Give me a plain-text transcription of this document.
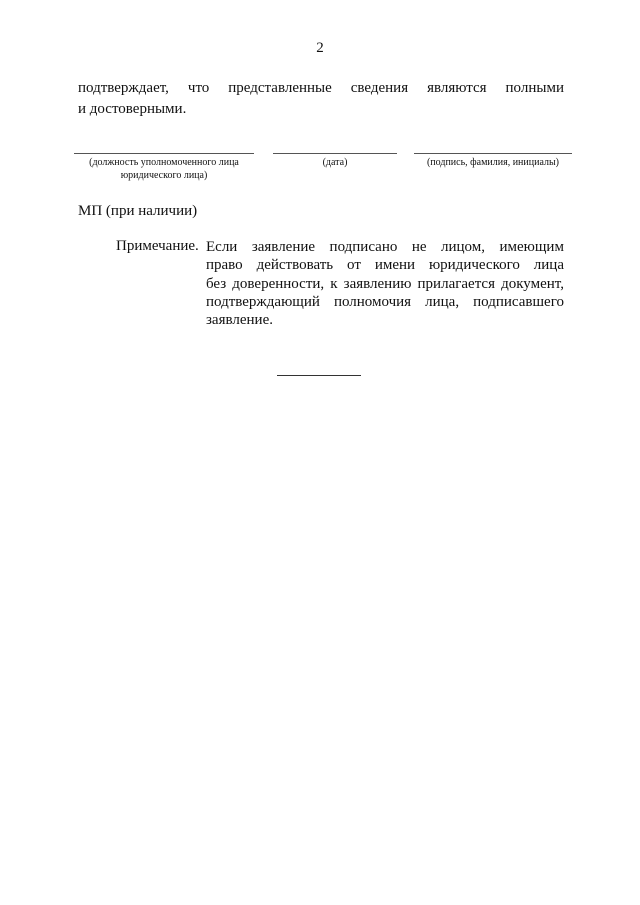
2
подтверждает, что представленные сведения являются полными
и достоверными.
(должность уполномоченного лица
юридического лица)
(дата)	(подпись, фамилия, инициалы)
МП (при наличии)
Примечание. Если заявление подписано не лицом, имеющим
право действовать от имени юридического лица
без доверенности, к заявлению прилагается документ,
подтверждающий полномочия лица, подписавшего
заявление.
